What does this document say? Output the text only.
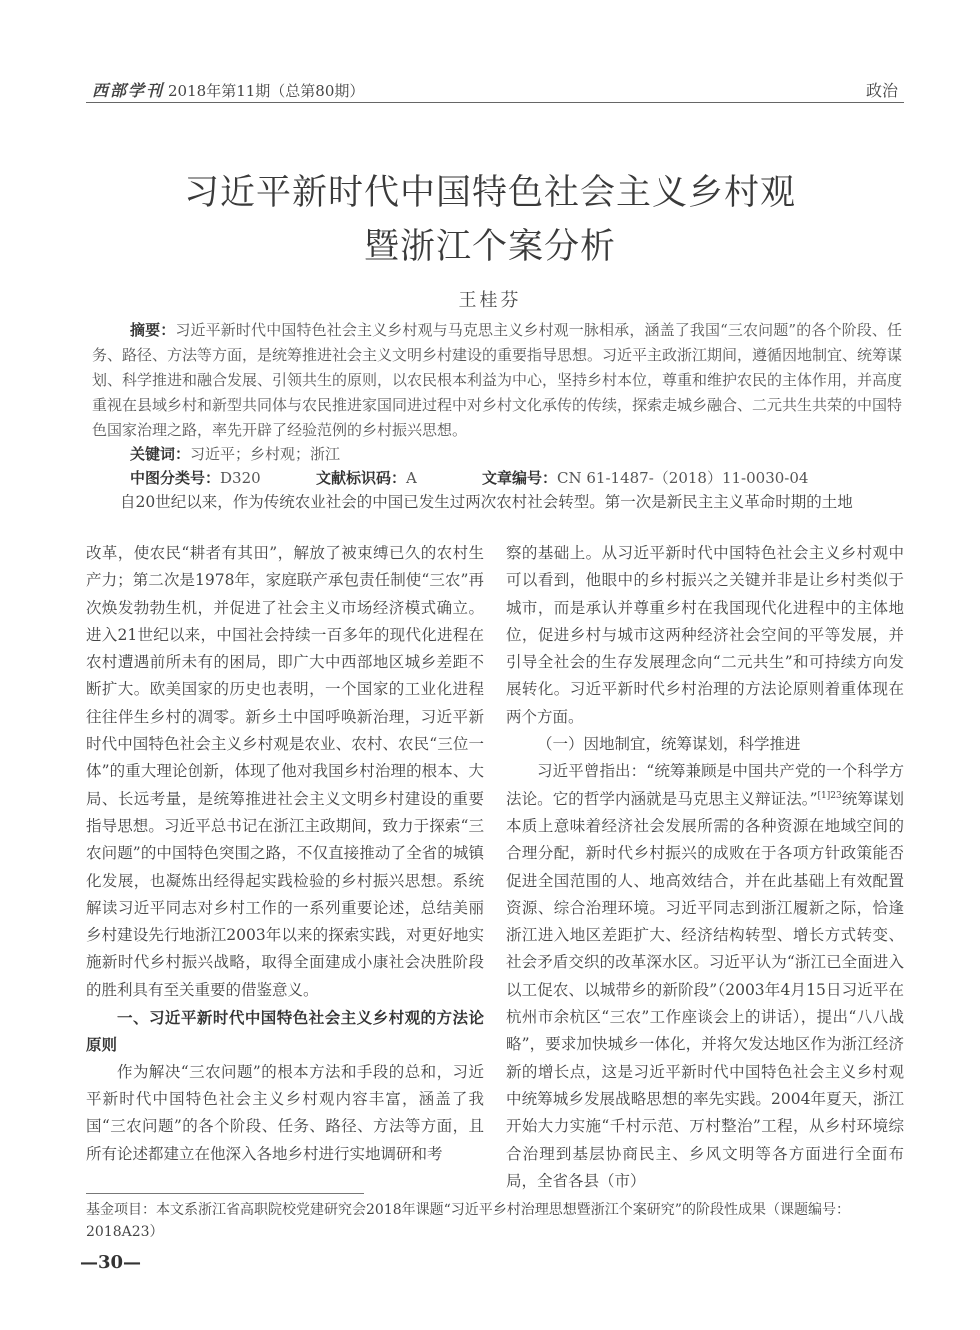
西部学刊 2018年第11期（总第80期）	政治
习近平新时代中国特色社会主义乡村观
暨浙江个案分析
王桂芬
摘要：习近平新时代中国特色社会主义乡村观与马克思主义乡村观一脉相承，涵盖了我国“三农问题”的各个阶段、任务、路径、方法等方面，是统筹推进社会主义文明乡村建设的重要指导思想。习近平主政浙江期间，遵循因地制宜、统筹谋划、科学推进和融合发展、引领共生的原则，以农民根本利益为中心，坚持乡村本位，尊重和维护农民的主体作用，并高度重视在县域乡村和新型共同体与农民推进家国同进过程中对乡村文化承传的传续，探索走城乡融合、二元共生共荣的中国特色国家治理之路，率先开辟了经验范例的乡村振兴思想。
关键词：习近平；乡村观；浙江
中图分类号：D320	文献标识码：A	文章编号：CN 61-1487-（2018）11-0030-04
自20世纪以来，作为传统农业社会的中国已发生过两次农村社会转型。第一次是新民主主义革命时期的土地

改革，使农民“耕者有其田”，解放了被束缚已久的农村生产力；第二次是1978年，家庭联产承包责任制使“三农”再次焕发勃勃生机，并促进了社会主义市场经济模式确立。进入21世纪以来，中国社会持续一百多年的现代化进程在农村遭遇前所未有的困局，即广大中西部地区城乡差距不断扩大。欧美国家的历史也表明，一个国家的工业化进程往往伴生乡村的凋零。新乡土中国呼唤新治理，习近平新时代中国特色社会主义乡村观是农业、农村、农民“三位一体”的重大理论创新，体现了他对我国乡村治理的根本、大局、长远考量，是统筹推进社会主义文明乡村建设的重要指导思想。习近平总书记在浙江主政期间，致力于探索“三农问题”的中国特色突围之路，不仅直接推动了全省的城镇化发展，也凝炼出经得起实践检验的乡村振兴思想。系统解读习近平同志对乡村工作的一系列重要论述，总结美丽乡村建设先行地浙江2003年以来的探索实践，对更好地实施新时代乡村振兴战略，取得全面建成小康社会决胜阶段的胜利具有至关重要的借鉴意义。

一、习近平新时代中国特色社会主义乡村观的方法论原则

作为解决“三农问题”的根本方法和手段的总和，习近平新时代中国特色社会主义乡村观内容丰富，涵盖了我国“三农问题”的各个阶段、任务、路径、方法等方面，且所有论述都建立在他深入各地乡村进行实地调研和考

察的基础上。从习近平新时代中国特色社会主义乡村观中可以看到，他眼中的乡村振兴之关键并非是让乡村类似于城市，而是承认并尊重乡村在我国现代化进程中的主体地位，促进乡村与城市这两种经济社会空间的平等发展，并引导全社会的生存发展理念向“二元共生”和可持续方向发展转化。习近平新时代乡村治理的方法论原则着重体现在两个方面。

（一）因地制宜，统筹谋划，科学推进

习近平曾指出：“统筹兼顾是中国共产党的一个科学方法论。它的哲学内涵就是马克思主义辩证法。”$^{[1]23}$统筹谋划本质上意味着经济社会发展所需的各种资源在地域空间的合理分配，新时代乡村振兴的成败在于各项方针政策能否促进全国范围的人、地高效结合，并在此基础上有效配置资源、综合治理环境。习近平同志到浙江履新之际，恰逢浙江进入地区差距扩大、经济结构转型、增长方式转变、社会矛盾交织的改革深水区。习近平认为“浙江已全面进入以工促农、以城带乡的新阶段”（2003年4月15日习近平在杭州市余杭区“三农”工作座谈会上的讲话），提出“八八战略”，要求加快城乡一体化，并将欠发达地区作为浙江经济新的增长点，这是习近平新时代中国特色社会主义乡村观中统筹城乡发展战略思想的率先实践。2004年夏天，浙江开始大力实施“千村示范、万村整治”工程，从乡村环境综合治理到基层协商民主、乡风文明等各方面进行全面布局，全省各县（市）

基金项目：本文系浙江省高职院校党建研究会2018年课题“习近平乡村治理思想暨浙江个案研究”的阶段性成果（课题编号：2018A23）
—30—
